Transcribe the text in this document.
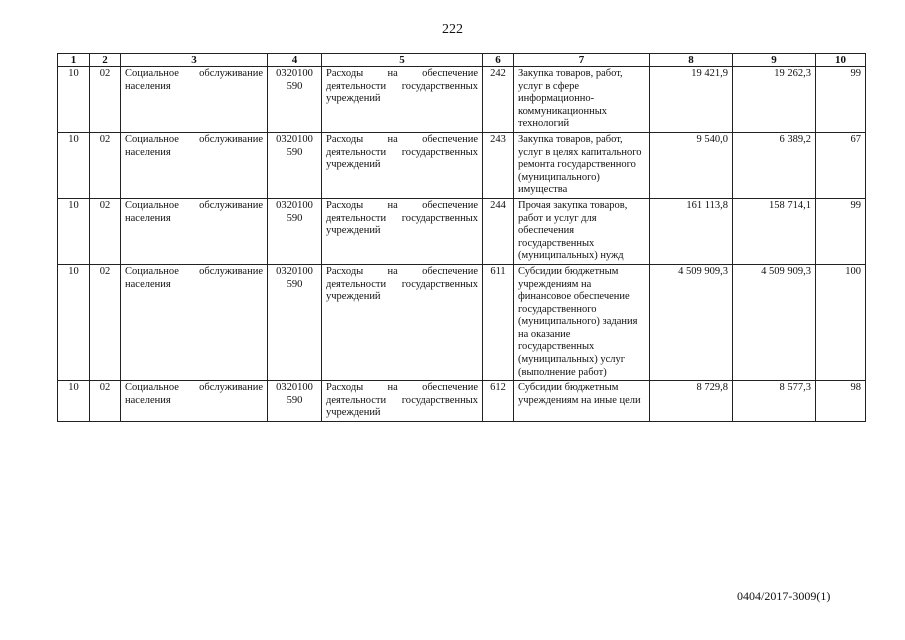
222
1	2	3	4	5	6	7	8	9	10
10	02	Социальное обслуживание населения	0320100 590	Расходы на обеспечение деятельности государственных учреждений	242	Закупка товаров, работ, услуг в сфере информационно-коммуникационных технологий	19 421,9	19 262,3	99
10	02	Социальное обслуживание населения	0320100 590	Расходы на обеспечение деятельности государственных учреждений	243	Закупка товаров, работ, услуг в целях капитального ремонта государственного (муниципального) имущества	9 540,0	6 389,2	67
10	02	Социальное обслуживание населения	0320100 590	Расходы на обеспечение деятельности государственных учреждений	244	Прочая закупка товаров, работ и услуг для обеспечения государственных (муниципальных) нужд	161 113,8	158 714,1	99
10	02	Социальное обслуживание населения	0320100 590	Расходы на обеспечение деятельности государственных учреждений	611	Субсидии бюджетным учреждениям на финансовое обеспечение государственного (муниципального) задания на оказание государственных (муниципальных) услуг (выполнение работ)	4 509 909,3	4 509 909,3	100
10	02	Социальное обслуживание населения	0320100 590	Расходы на обеспечение деятельности государственных учреждений	612	Субсидии бюджетным учреждениям на иные цели	8 729,8	8 577,3	98
0404/2017-3009(1)
